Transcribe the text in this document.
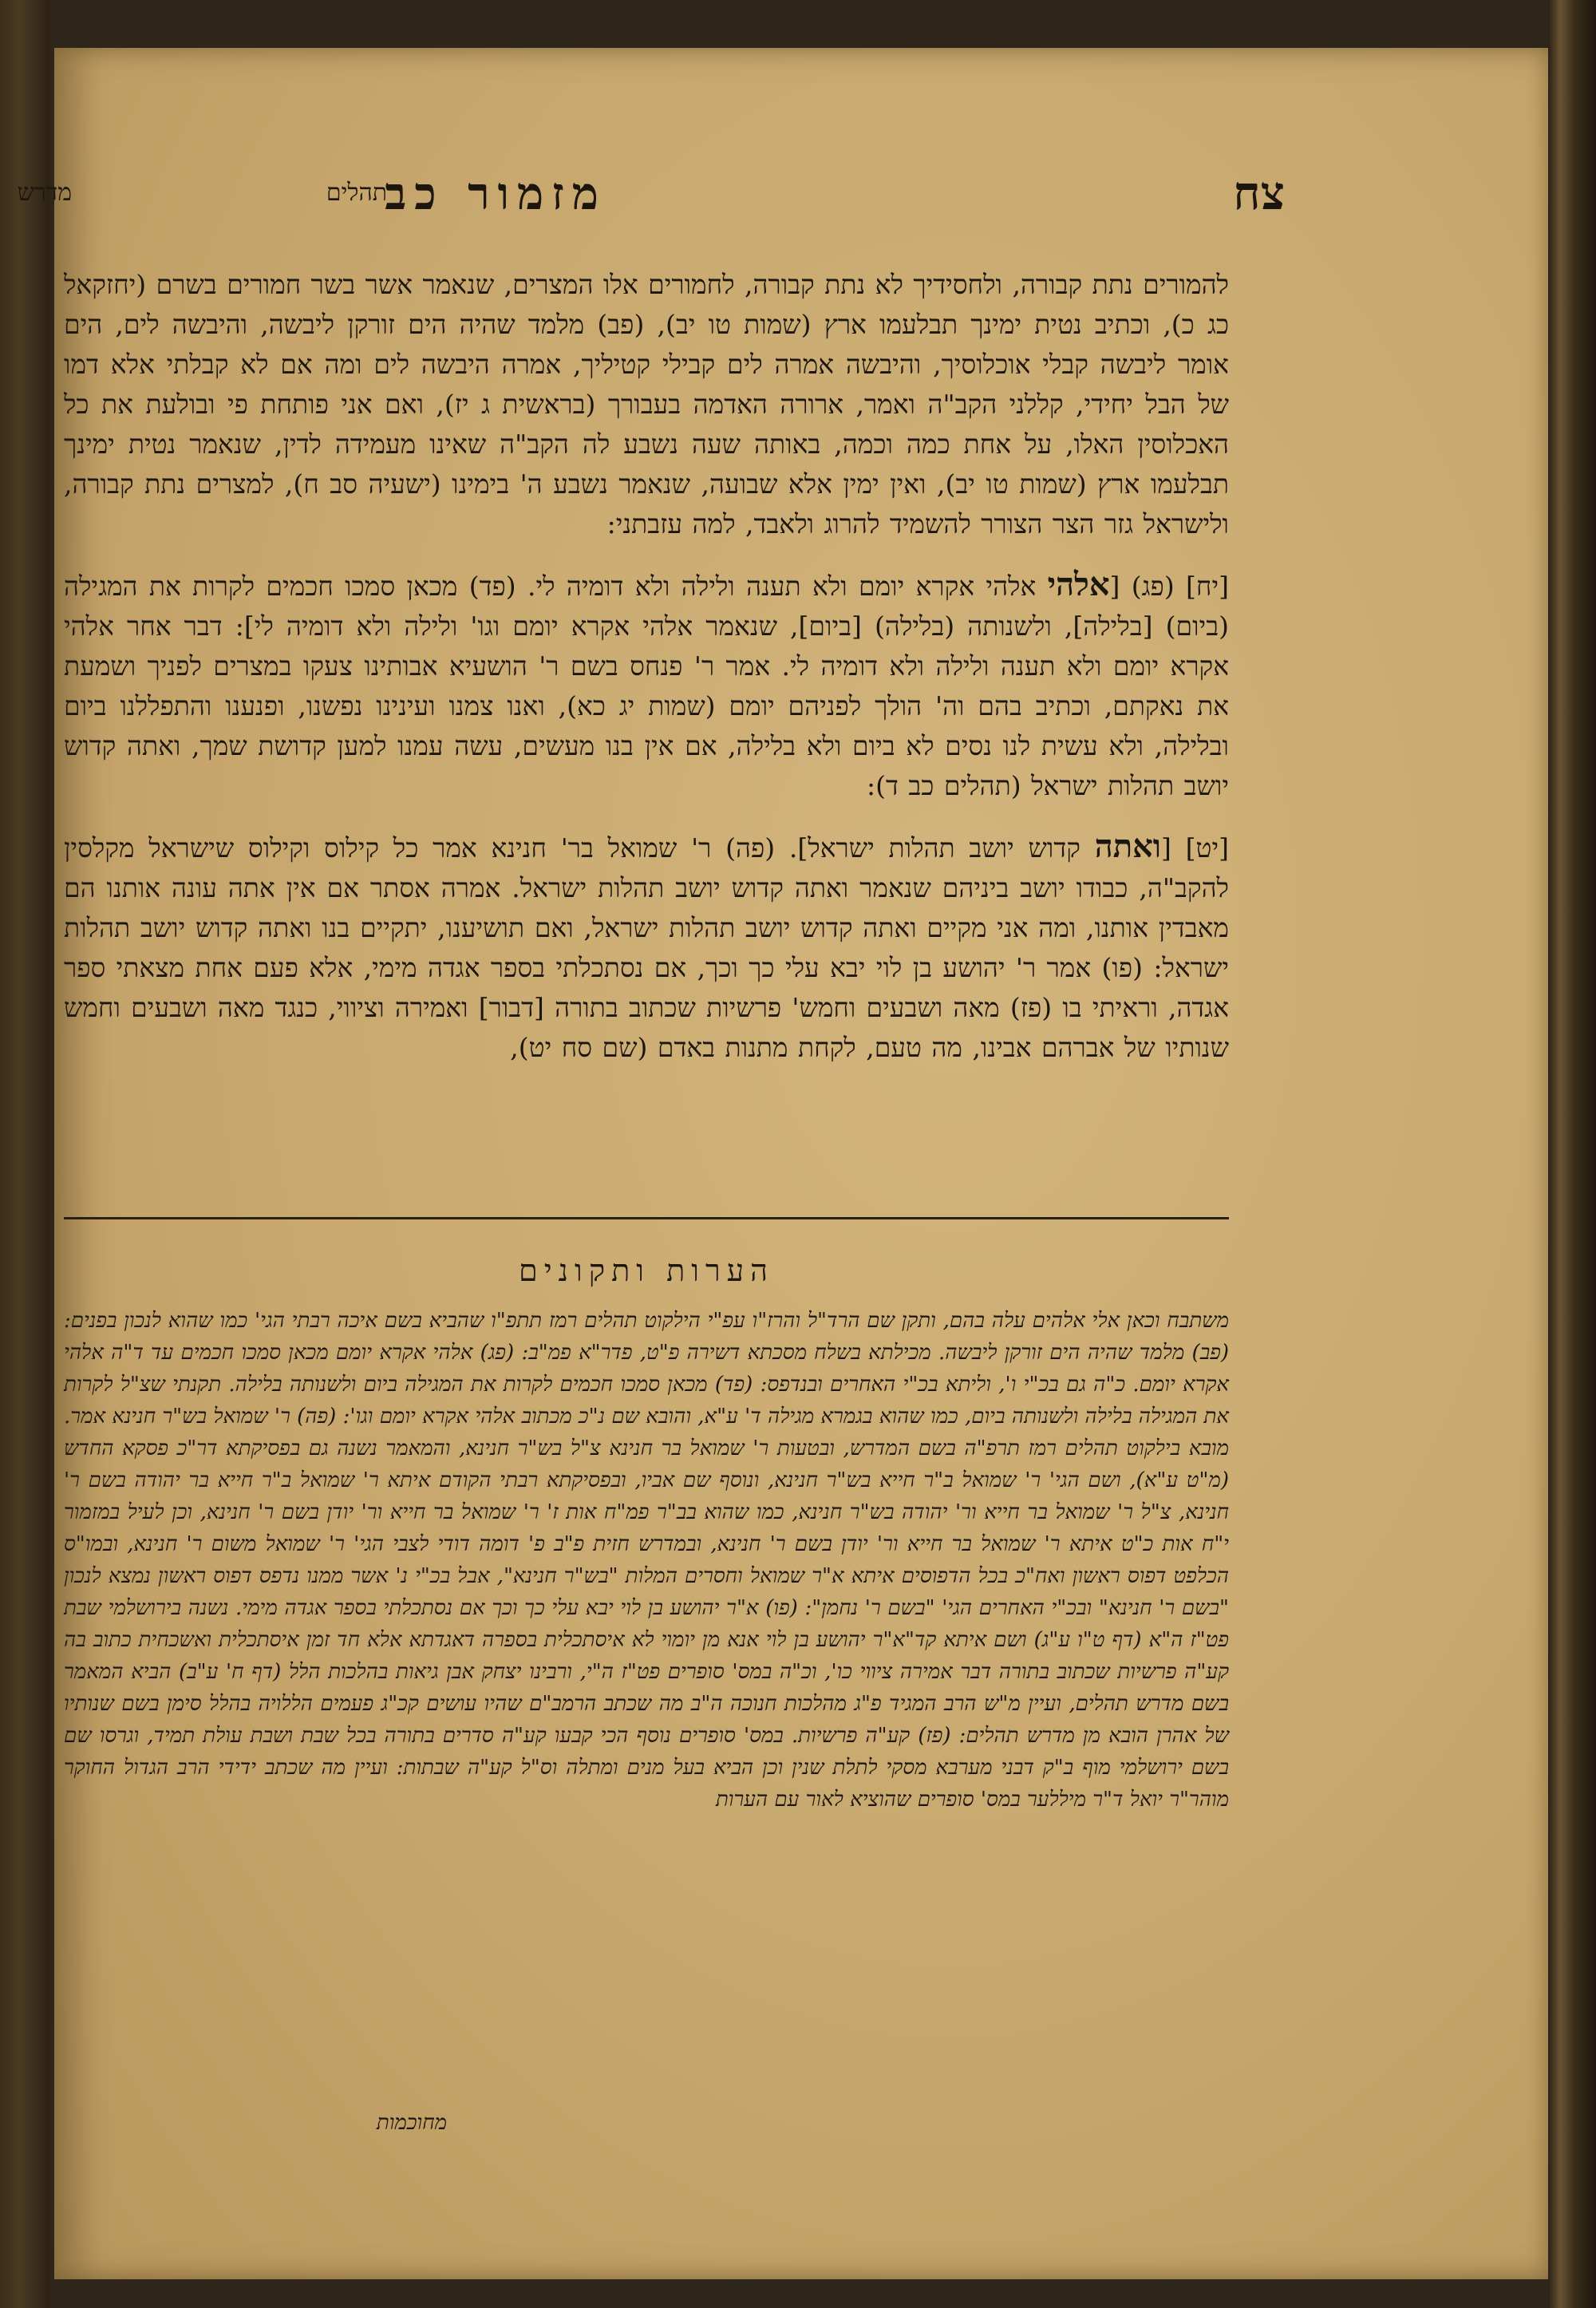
צח
מזמור כב
תהלים
מדרש

להמורים נתת קבורה, ולחסידיך לא נתת קבורה, לחמורים אלו המצרים, שנאמר אשר בשר חמורים בשרם (יחזקאל כג כ), וכתיב נטית ימינך תבלעמו ארץ (שמות טו יב), (פב) מלמד שהיה הים זורקן ליבשה, והיבשה לים, הים אומר ליבשה קבלי אוכלוסיך, והיבשה אמרה לים קבילי קטיליך, אמרה היבשה לים ומה אם לא קבלתי אלא דמו של הבל יחידי, קללני הקב"ה ואמר, ארורה האדמה בעבורך (בראשית ג יז), ואם אני פותחת פי ובולעת את כל האכלוסין האלו, על אחת כמה וכמה, באותה שעה נשבע לה הקב"ה שאינו מעמידה לדין, שנאמר נטית ימינך תבלעמו ארץ (שמות טו יב), ואין ימין אלא שבועה, שנאמר נשבע ה' בימינו (ישעיה סב ח), למצרים נתת קבורה, ולישראל גזר הצר הצורר להשמיד להרוג ולאבד, למה עזבתני:

[יח] (פג) [אלהי אלהי אקרא יומם ולא תענה ולילה ולא דומיה לי. (פד) מכאן סמכו חכמים לקרות את המגילה (ביום) [בלילה], ולשנותה (בלילה) [ביום], שנאמר אלהי אקרא יומם וגו' ולילה ולא דומיה לי]: דבר אחר אלהי אקרא יומם ולא תענה ולילה ולא דומיה לי. אמר ר' פנחס בשם ר' הושעיא אבותינו צעקו במצרים לפניך ושמעת את נאקתם, וכתיב בהם וה' הולך לפניהם יומם (שמות יג כא), ואנו צמנו ועינינו נפשנו, ופנענו והתפללנו ביום ובלילה, ולא עשית לנו נסים לא ביום ולא בלילה, אם אין בנו מעשים, עשה עמנו למען קדושת שמך, ואתה קדוש יושב תהלות ישראל (תהלים כב ד):

[יט] [ואתה קדוש יושב תהלות ישראל]. (פה) ר' שמואל בר' חנינא אמר כל קילוס וקילוס שישראל מקלסין להקב"ה, כבודו יושב ביניהם שנאמר ואתה קדוש יושב תהלות ישראל. אמרה אסתר אם אין אתה עונה אותנו הם מאבדין אותנו, ומה אני מקיים ואתה קדוש יושב תהלות ישראל, ואם תושיענו, יתקיים בנו ואתה קדוש יושב תהלות ישראל: (פו) אמר ר' יהושע בן לוי יבא עלי כך וכך, אם נסתכלתי בספר אגדה מימי, אלא פעם אחת מצאתי ספר אגדה, וראיתי בו (פז) מאה ושבעים וחמש' פרשיות שכתוב בתורה [דבור] ואמירה וציווי, כנגד מאה ושבעים וחמש שנותיו של אברהם אבינו, מה טעם, לקחת מתנות באדם (שם סח יט),

הערות ותקונים

משתבח וכאן אלי אלהים עלה בהם, ותקן שם הרד"ל והרז"ו עפ"י הילקוט תהלים רמז תתפ"ו שהביא בשם איכה רבתי הגי' כמו שהוא לנכון בפנים: (פב) מלמד שהיה הים זורקן ליבשה. מכילתא בשלח מסכתא דשירה פ"ט, פדר"א פמ"ב: (פג) אלהי אקרא יומם מכאן סמכו חכמים עד ד"ה אלהי אקרא יומם. כ"ה גם בכ"י ו', וליתא בכ"י האחרים ובנדפס: (פד) מכאן סמכו חכמים לקרות את המגילה ביום ולשנותה בלילה. תקנתי שצ"ל לקרות את המגילה בלילה ולשנותה ביום, כמו שהוא בגמרא מגילה ד' ע"א, והובא שם נ"כ מכתוב אלהי אקרא יומם וגו': (פה) ר' שמואל בש"ר חנינא אמר. מובא בילקוט תהלים רמז תרפ"ה בשם המדרש, ובטעות ר' שמואל בר חנינא צ"ל בש"ר חנינא, והמאמר נשנה גם בפסיקתא דר"כ פסקא החדש (מ"ט ע"א), ושם הגי' ר' שמואל ב"ר חייא בש"ר חנינא, ונוסף שם אביו, ובפסיקתא רבתי הקודם איתא ר' שמואל ב"ר חייא בר יהודה בשם ר' חנינא, צ"ל ר' שמואל בר חייא ור' יהודה בש"ר חנינא, כמו שהוא בב"ר פמ"ח אות ז' ר' שמואל בר חייא ור' יודן בשם ר' חנינא, וכן לעיל במזמור י"ח אות כ"ט איתא ר' שמואל בר חייא ור' יודן בשם ר' חנינא, ובמדרש חזית פ"ב פ' דומה דודי לצבי הגי' ר' שמואל משום ר' חנינא, ובמו"ס הכלפט דפוס ראשון ואח"כ בכל הדפוסים איתא א"ר שמואל וחסרים המלות "בש"ר חנינא", אבל בכ"י נ' אשר ממנו נדפס דפוס ראשון נמצא לנכון "בשם ר' חנינא" ובכ"י האחרים הגי' "בשם ר' נחמן": (פו) א"ר יהושע בן לוי יבא עלי כך וכך אם נסתכלתי בספר אגדה מימי. נשנה בירושלמי שבת פט"ז ה"א (דף ט"ו ע"ג) ושם איתא קד"א"ר יהושע בן לוי אנא מן יומוי לא איסתכלית בספרה דאגדתא אלא חד זמן איסתכלית ואשכחית כתוב בה קע"ה פרשיות שכתוב בתורה דבר אמירה ציווי כו', וכ"ה במס' סופרים פט"ז ה"י, ורבינו יצחק אבן גיאות בהלכות הלל (דף ח' ע"ב) הביא המאמר בשם מדרש תהלים, ועיין מ"ש הרב המגיד פ"ג מהלכות חנוכה ה"ב מה שכתב הרמב"ם שהיו עושים קכ"ג פעמים הללויה בהלל סימן בשם שנותיו של אהרן הובא מן מדרש תהלים: (פז) קע"ה פרשיות. במס' סופרים נוסף הכי קבעו קע"ה סדרים בתורה בכל שבת ושבת עולת תמיד, וגרסו שם בשם ירושלמי מוף ב"ק דבני מערבא מסקי לתלת שנין וכן הביא בעל מנים ומתלה וס"ל קע"ה שבתות: ועיין מה שכתב ידידי הרב הגדול החוקר מוהר"ר יואל ד"ר מיללער במס' סופרים שהוציא לאור עם הערות

מחוכמות
